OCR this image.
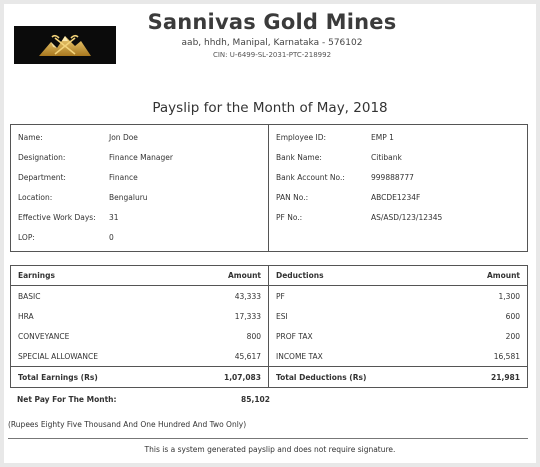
Sannivas Gold Mines
aab, hhdh, Manipal, Karnataka - 576102
CIN: U-6499-SL-2031-PTC-218992
Payslip for the Month of May, 2018
Name:	Jon Doe
Designation:	Finance Manager
Department:	Finance
Location:	Bengaluru
Effective Work Days: 31
LOP:	0
Employee ID:	EMP 1
Bank Name:	Citibank
Bank Account No.:	999888777
PAN No.:	ABCDE1234F
PF No.:	AS/ASD/123/12345
Earnings	Amount
BASIC	43,333
HRA	17,333
CONVEYANCE	800
SPECIAL ALLOWANCE	45,617
Total Earnings (Rs)	1,07,083
Deductions	Amount
PF	1,300
ESI	600
PROF TAX	200
INCOME TAX	16,581
Total Deductions (Rs)	21,981
Net Pay For The Month:	85,102
(Rupees Eighty Five Thousand And One Hundred And Two Only)
This is a system generated payslip and does not require signature.
